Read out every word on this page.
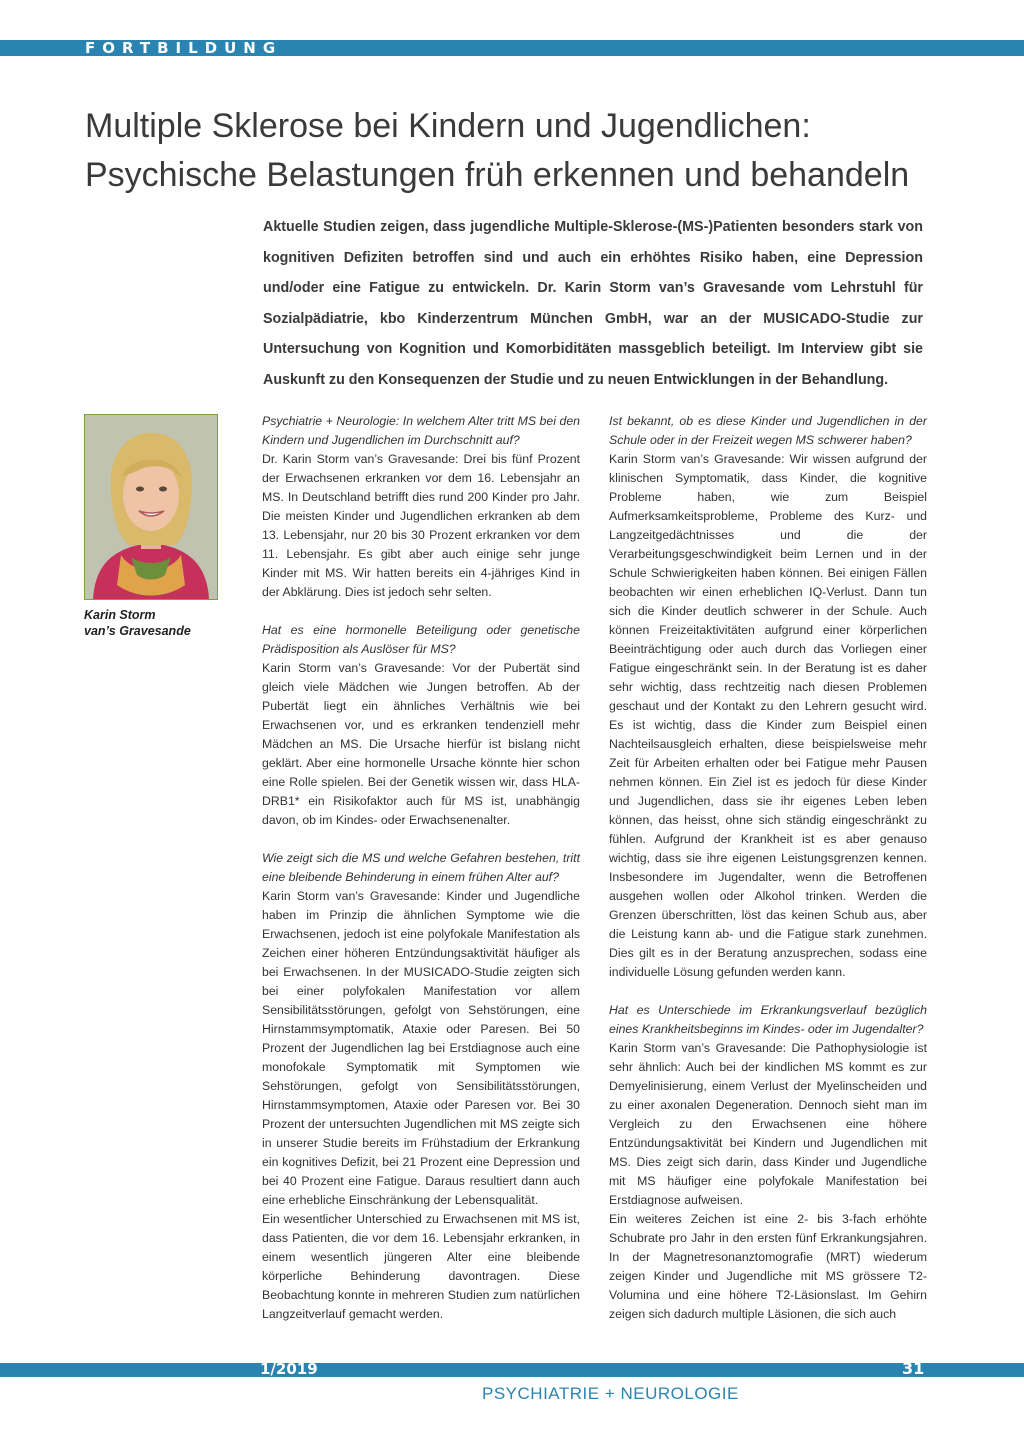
FORTBILDUNG
Multiple Sklerose bei Kindern und Jugendlichen:
Psychische Belastungen früh erkennen und behandeln

Aktuelle Studien zeigen, dass jugendliche Multiple-Sklerose-(MS-)Patienten besonders stark von kognitiven Defiziten betroffen sind und auch ein erhöhtes Risiko haben, eine Depression und/oder eine Fatigue zu entwickeln. Dr. Karin Storm van’s Gravesande vom Lehrstuhl für Sozialpädiatrie, kbo Kinderzentrum München GmbH, war an der MUSICADO-Studie zur Untersuchung von Kognition und Komorbiditäten massgeblich beteiligt. Im Interview gibt sie Auskunft zu den Konsequenzen der Studie und zu neuen Entwicklungen in der Behandlung.

Karin Storm
van’s Gravesande

Psychiatrie + Neurologie: In welchem Alter tritt MS bei den Kindern und Jugendlichen im Durchschnitt auf?

Dr. Karin Storm van’s Gravesande: Drei bis fünf Prozent der Erwachsenen erkranken vor dem 16. Lebensjahr an MS. In Deutschland betrifft dies rund 200 Kinder pro Jahr. Die meisten Kinder und Jugendlichen erkranken ab dem 13. Lebensjahr, nur 20 bis 30 Prozent erkranken vor dem 11. Lebensjahr. Es gibt aber auch einige sehr junge Kinder mit MS. Wir hatten bereits ein 4-jähriges Kind in der Abklärung. Dies ist jedoch sehr selten.

Hat es eine hormonelle Beteiligung oder genetische Prädisposition als Auslöser für MS?

Karin Storm van’s Gravesande: Vor der Pubertät sind gleich viele Mädchen wie Jungen betroffen. Ab der Pubertät liegt ein ähnliches Verhältnis wie bei Erwachsenen vor, und es erkranken tendenziell mehr Mädchen an MS. Die Ursache hierfür ist bislang nicht geklärt. Aber eine hormonelle Ursache könnte hier schon eine Rolle spielen. Bei der Genetik wissen wir, dass HLA-DRB1* ein Risikofaktor auch für MS ist, unabhängig davon, ob im Kindes- oder Erwachsenenalter.

Wie zeigt sich die MS und welche Gefahren bestehen, tritt eine bleibende Behinderung in einem frühen Alter auf?

Karin Storm van’s Gravesande: Kinder und Jugendliche haben im Prinzip die ähnlichen Symptome wie die Erwachsenen, jedoch ist eine polyfokale Manifestation als Zeichen einer höheren Entzündungsaktivität häufiger als bei Erwachsenen. In der MUSICADO-Studie zeigten sich bei einer polyfokalen Manifestation vor allem Sensibilitätsstörungen, gefolgt von Sehstörungen, eine Hirnstammsymptomatik, Ataxie oder Paresen. Bei 50 Prozent der Jugendlichen lag bei Erstdiagnose auch eine monofokale Symptomatik mit Symptomen wie Sehstörungen, gefolgt von Sensibilitätsstörungen, Hirnstammsymptomen, Ataxie oder Paresen vor. Bei 30 Prozent der untersuchten Jugendlichen mit MS zeigte sich in unserer Studie bereits im Frühstadium der Erkrankung ein kognitives Defizit, bei 21 Prozent eine Depression und bei 40 Prozent eine Fatigue. Daraus resultiert dann auch eine erhebliche Einschränkung der Lebensqualität.

Ein wesentlicher Unterschied zu Erwachsenen mit MS ist, dass Patienten, die vor dem 16. Lebensjahr erkranken, in einem wesentlich jüngeren Alter eine bleibende körperliche Behinderung davontragen. Diese Beobachtung konnte in mehreren Studien zum natürlichen Langzeitverlauf gemacht werden.

Ist bekannt, ob es diese Kinder und Jugendlichen in der Schule oder in der Freizeit wegen MS schwerer haben?

Karin Storm van’s Gravesande: Wir wissen aufgrund der klinischen Symptomatik, dass Kinder, die kognitive Probleme haben, wie zum Beispiel Aufmerksamkeitsprobleme, Probleme des Kurz- und Langzeitgedächtnisses und die der Verarbeitungsgeschwindigkeit beim Lernen und in der Schule Schwierigkeiten haben können. Bei einigen Fällen beobachten wir einen erheblichen IQ-Verlust. Dann tun sich die Kinder deutlich schwerer in der Schule. Auch können Freizeitaktivitäten aufgrund einer körperlichen Beeinträchtigung oder auch durch das Vorliegen einer Fatigue eingeschränkt sein. In der Beratung ist es daher sehr wichtig, dass rechtzeitig nach diesen Problemen geschaut und der Kontakt zu den Lehrern gesucht wird. Es ist wichtig, dass die Kinder zum Beispiel einen Nachteilsausgleich erhalten, diese beispielsweise mehr Zeit für Arbeiten erhalten oder bei Fatigue mehr Pausen nehmen können. Ein Ziel ist es jedoch für diese Kinder und Jugendlichen, dass sie ihr eigenes Leben leben können, das heisst, ohne sich ständig eingeschränkt zu fühlen. Aufgrund der Krankheit ist es aber genauso wichtig, dass sie ihre eigenen Leistungsgrenzen kennen. Insbesondere im Jugendalter, wenn die Betroffenen ausgehen wollen oder Alkohol trinken. Werden die Grenzen überschritten, löst das keinen Schub aus, aber die Leistung kann ab- und die Fatigue stark zunehmen. Dies gilt es in der Beratung anzusprechen, sodass eine individuelle Lösung gefunden werden kann.

Hat es Unterschiede im Erkrankungsverlauf bezüglich eines Krankheitsbeginns im Kindes- oder im Jugendalter?

Karin Storm van’s Gravesande: Die Pathophysiologie ist sehr ähnlich: Auch bei der kindlichen MS kommt es zur Demyelinisierung, einem Verlust der Myelinscheiden und zu einer axonalen Degeneration. Dennoch sieht man im Vergleich zu den Erwachsenen eine höhere Entzündungsaktivität bei Kindern und Jugendlichen mit MS. Dies zeigt sich darin, dass Kinder und Jugendliche mit MS häufiger eine polyfokale Manifestation bei Erstdiagnose aufweisen.

Ein weiteres Zeichen ist eine 2- bis 3-fach erhöhte Schubrate pro Jahr in den ersten fünf Erkrankungsjahren. In der Magnetresonanztomografie (MRT) wiederum zeigen Kinder und Jugendliche mit MS grössere T2-Volumina und eine höhere T2-Läsionslast. Im Gehirn zeigen sich dadurch multiple Läsionen, die sich auch

1/2019	31
PSYCHIATRIE + NEUROLOGIE
